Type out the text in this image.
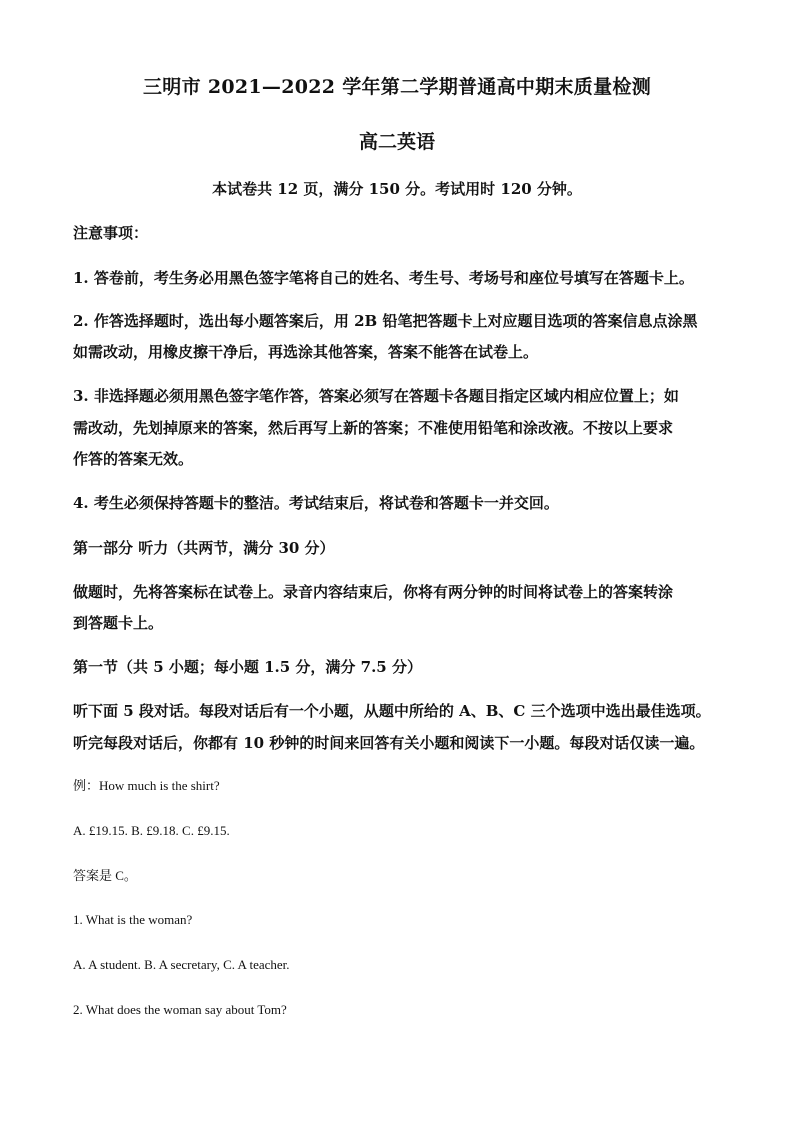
三明市 2021—2022 学年第二学期普通高中期末质量检测
高二英语
本试卷共 12 页，满分 150 分。考试用时 120 分钟。
注意事项：
1. 答卷前，考生务必用黑色签字笔将自己的姓名、考生号、考场号和座位号填写在答题卡上。
2. 作答选择题时，选出每小题答案后，用 2B 铅笔把答题卡上对应题目选项的答案信息点涂黑
如需改动，用橡皮擦干净后，再选涂其他答案，答案不能答在试卷上。
3. 非选择题必须用黑色签字笔作答，答案必须写在答题卡各题目指定区域内相应位置上；如
需改动，先划掉原来的答案，然后再写上新的答案；不准使用铅笔和涂改液。不按以上要求
作答的答案无效。
4. 考生必须保持答题卡的整洁。考试结束后，将试卷和答题卡一并交回。
第一部分 听力（共两节，满分 30 分）
做题时，先将答案标在试卷上。录音内容结束后，你将有两分钟的时间将试卷上的答案转涂
到答题卡上。
第一节（共 5 小题；每小题 1.5 分，满分 7.5 分）
听下面 5 段对话。每段对话后有一个小题，从题中所给的 A、B、C 三个选项中选出最佳选项。
听完每段对话后，你都有 10 秒钟的时间来回答有关小题和阅读下一小题。每段对话仅读一遍。
例：How much is the shirt?
A. £19.15. B. £9.18. C. £9.15.
答案是 C。
1. What is the woman?
A. A student. B. A secretary, C. A teacher.
2. What does the woman say about Tom?
